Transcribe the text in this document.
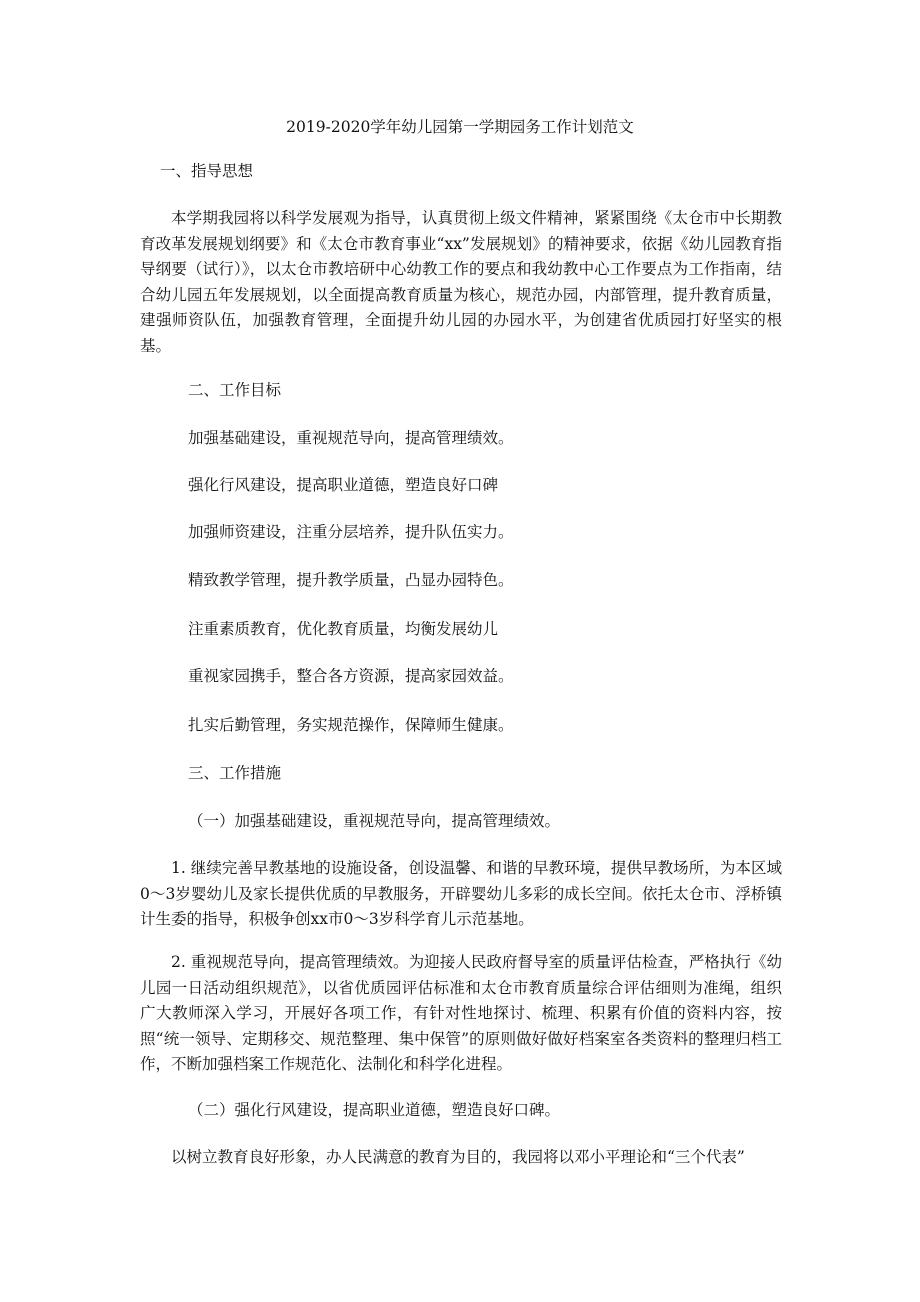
2019-2020学年幼儿园第一学期园务工作计划范文
一、指导思想

本学期我园将以科学发展观为指导，认真贯彻上级文件精神，紧紧围绕《太仓市中长期教育改革发展规划纲要》和《太仓市教育事业“xx”发展规划》的精神要求，依据《幼儿园教育指导纲要（试行）》，以太仓市教培研中心幼教工作的要点和我幼教中心工作要点为工作指南，结合幼儿园五年发展规划，以全面提高教育质量为核心，规范办园，内部管理，提升教育质量，建强师资队伍，加强教育管理，全面提升幼儿园的办园水平，为创建省优质园打好坚实的根基。

二、工作目标
加强基础建设，重视规范导向，提高管理绩效。
强化行风建设，提高职业道德，塑造良好口碑
加强师资建设，注重分层培养，提升队伍实力。
精致教学管理，提升教学质量，凸显办园特色。
注重素质教育，优化教育质量，均衡发展幼儿
重视家园携手，整合各方资源，提高家园效益。
扎实后勤管理，务实规范操作，保障师生健康。
三、工作措施
（一）加强基础建设，重视规范导向，提高管理绩效。

1. 继续完善早教基地的设施设备，创设温馨、和谐的早教环境，提供早教场所，为本区域0～3岁婴幼儿及家长提供优质的早教服务，开辟婴幼儿多彩的成长空间。依托太仓市、浮桥镇计生委的指导，积极争创xx市0～3岁科学育儿示范基地。

2. 重视规范导向，提高管理绩效。为迎接人民政府督导室的质量评估检查，严格执行《幼儿园一日活动组织规范》，以省优质园评估标准和太仓市教育质量综合评估细则为准绳，组织广大教师深入学习，开展好各项工作，有针对性地探讨、梳理、积累有价值的资料内容，按照“统一领导、定期移交、规范整理、集中保管”的原则做好做好档案室各类资料的整理归档工作，不断加强档案工作规范化、法制化和科学化进程。

（二）强化行风建设，提高职业道德，塑造良好口碑。

以树立教育良好形象，办人民满意的教育为目的，我园将以邓小平理论和“三个代表”
